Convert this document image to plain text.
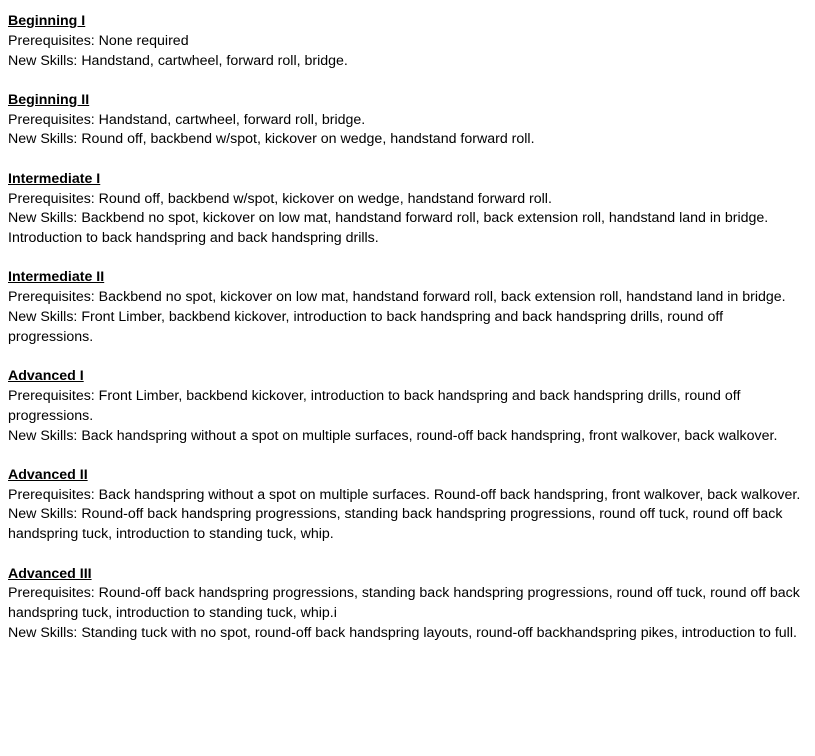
Beginning I
Prerequisites: None required
New Skills: Handstand, cartwheel, forward roll, bridge.
Beginning II
Prerequisites: Handstand, cartwheel, forward roll, bridge.
New Skills: Round off, backbend w/spot, kickover on wedge, handstand forward roll.
Intermediate I
Prerequisites: Round off, backbend w/spot, kickover on wedge, handstand forward roll.
New Skills: Backbend no spot, kickover on low mat, handstand forward roll, back extension roll, handstand land in bridge. Introduction to back handspring and back handspring drills.
Intermediate II
Prerequisites: Backbend no spot, kickover on low mat, handstand forward roll, back extension roll, handstand land in bridge.
New Skills: Front Limber, backbend kickover, introduction to back handspring and back handspring drills, round off progressions.
Advanced I
Prerequisites: Front Limber, backbend kickover, introduction to back handspring and back handspring drills, round off progressions.
New Skills: Back handspring without a spot on multiple surfaces, round-off back handspring, front walkover, back walkover.
Advanced II
Prerequisites: Back handspring without a spot on multiple surfaces. Round-off back handspring, front walkover, back walkover.
New Skills: Round-off back handspring progressions, standing back handspring progressions, round off tuck, round off back handspring tuck, introduction to standing tuck, whip.
Advanced III
Prerequisites: Round-off back handspring progressions, standing back handspring progressions, round off tuck, round off back handspring tuck, introduction to standing tuck, whip.i
New Skills: Standing tuck with no spot, round-off back handspring layouts, round-off backhandspring pikes, introduction to full.
